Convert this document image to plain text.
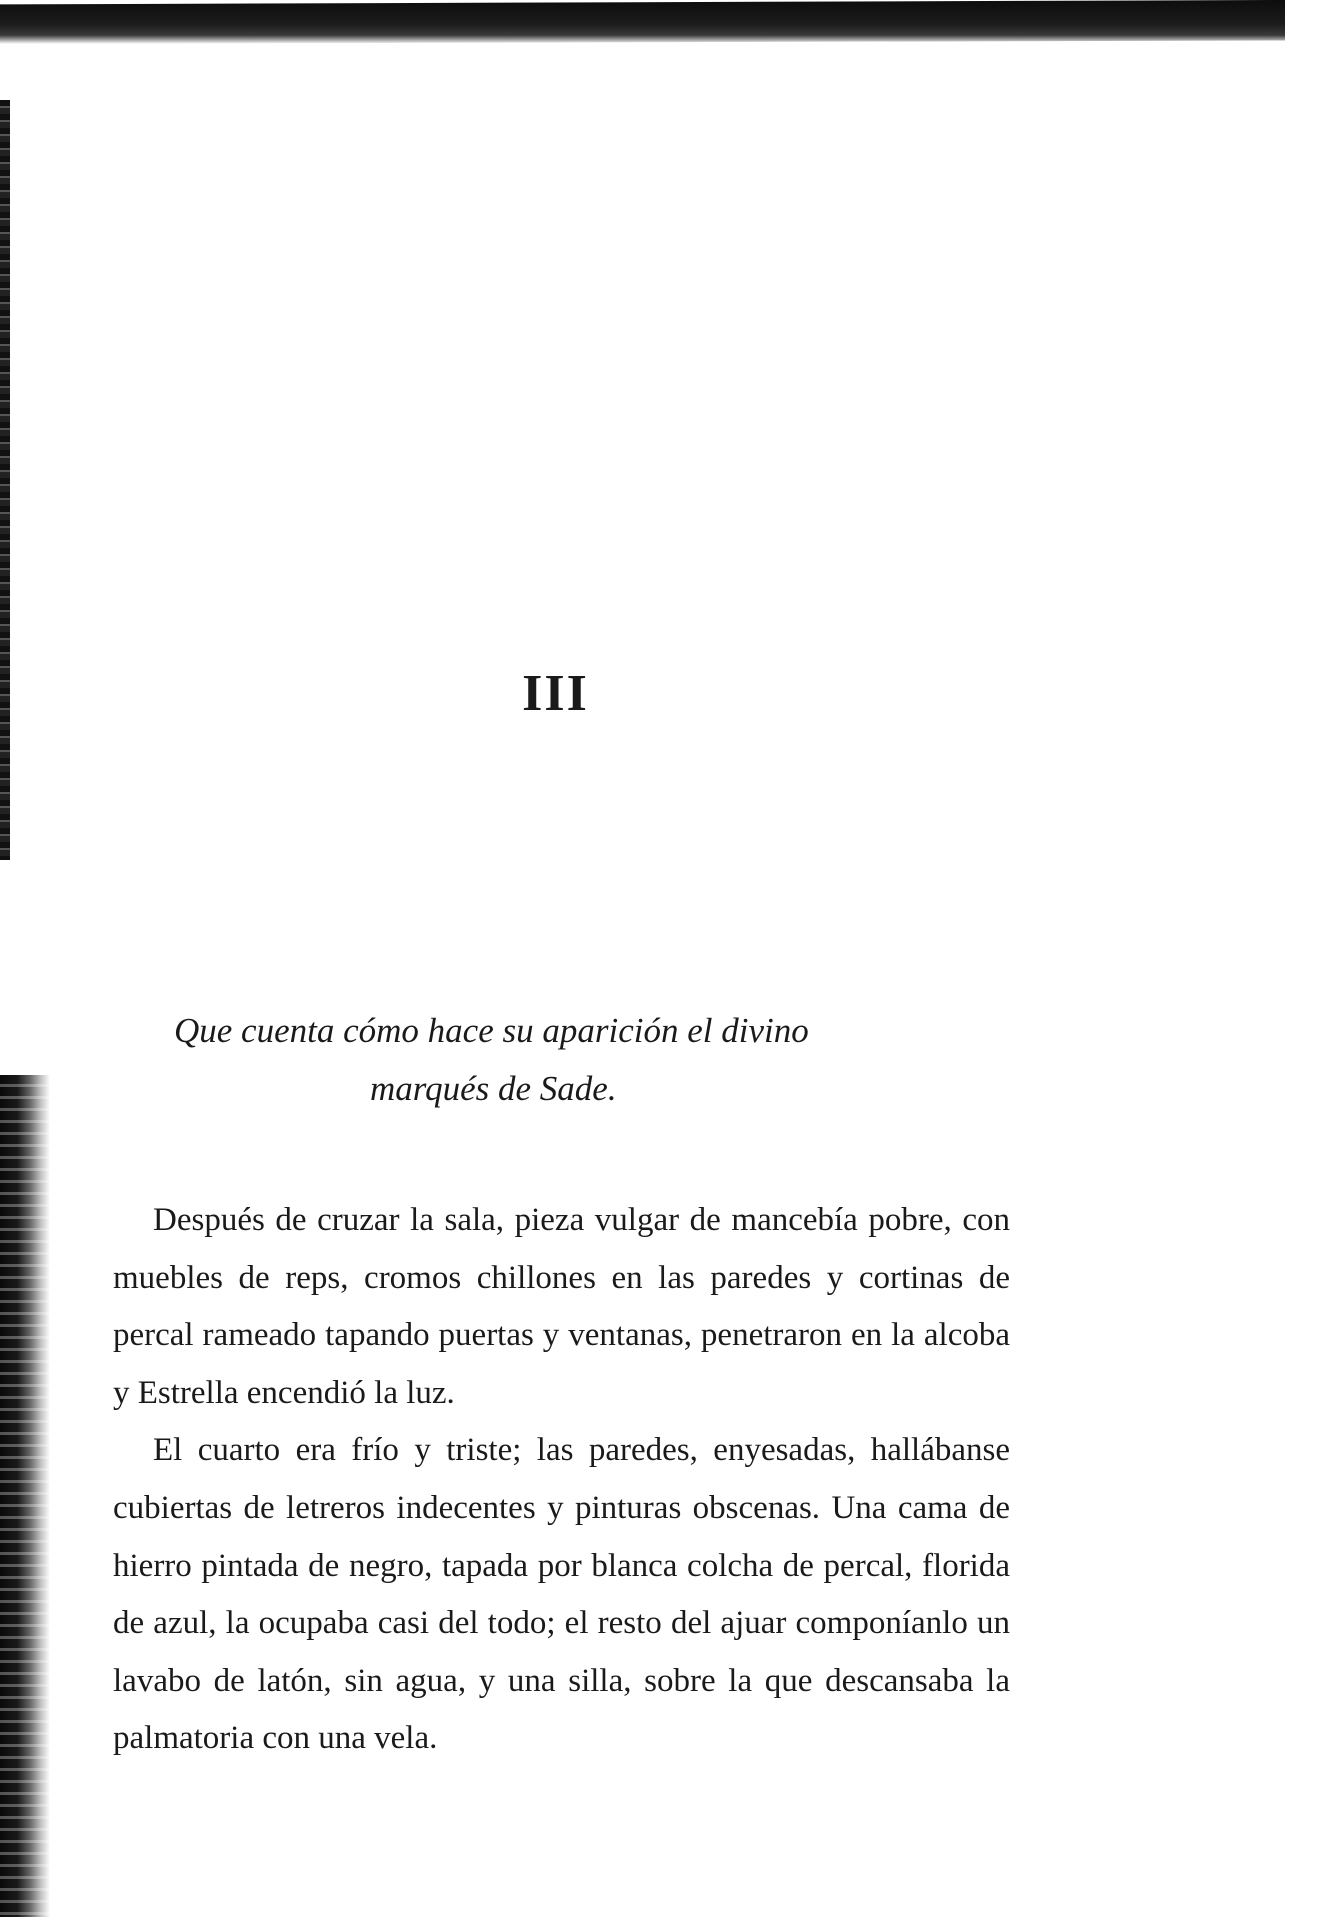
III
Que cuenta cómo hace su aparición el divino
marqués de Sade.

Después de cruzar la sala, pieza vulgar de mancebía pobre, con muebles de reps, cromos chillones en las paredes y cortinas de percal rameado tapando puertas y ventanas, penetraron en la alcoba y Estrella encendió la luz.

El cuarto era frío y triste; las paredes, enyesadas, hallábanse cubiertas de letreros indecentes y pinturas obscenas. Una cama de hierro pintada de negro, tapada por blanca colcha de percal, florida de azul, la ocupaba casi del todo; el resto del ajuar componíanlo un lavabo de latón, sin agua, y una silla, sobre la que descansaba la palmatoria con una vela.
